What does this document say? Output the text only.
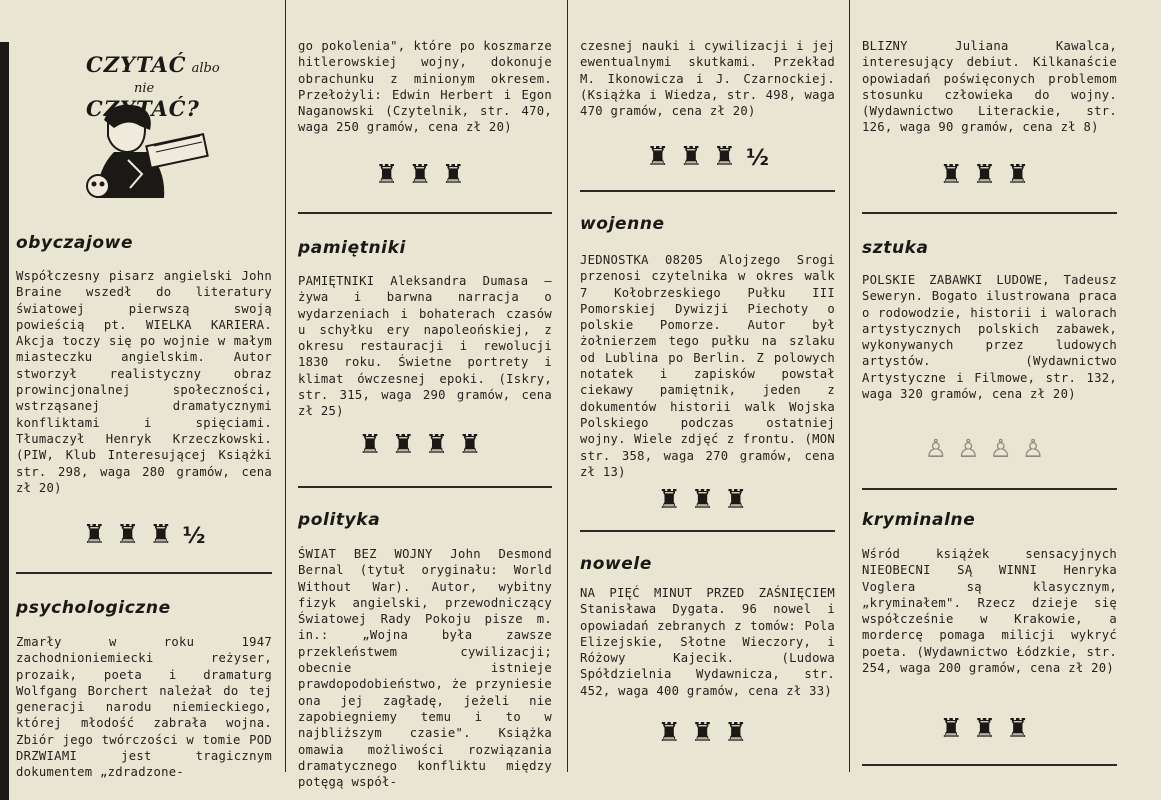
CZYTAĆ albo
nie CZYTAĆ?
obyczajowe
Współczesny pisarz angielski John Braine wszedł do literatury światowej pierwszą swoją powieścią pt. WIELKA KARIERA. Akcja toczy się po wojnie w małym miasteczku angielskim. Autor stworzył realistyczny obraz prowincjonalnej społeczności, wstrząsanej dramatycznymi konfliktami i spięciami. Tłumaczył Henryk Krzeczkowski. (PIW, Klub Interesującej Książki str. 298, waga 280 gramów, cena zł 20)
♜♜♜½
psychologiczne
Zmarły w roku 1947 zachodnioniemiecki reżyser, prozaik, poeta i dramaturg Wolfgang Borchert należał do tej generacji narodu niemieckiego, której młodość zabrała wojna. Zbiór jego twórczości w tomie POD DRZWIAMI jest tragicznym dokumentem „zdradzone-
go pokolenia", które po koszmarze hitlerowskiej wojny, dokonuje obrachunku z minionym okresem. Przełożyli: Edwin Herbert i Egon Naganowski (Czytelnik, str. 470, waga 250 gramów, cena zł 20)
♜♜♜
pamiętniki
PAMIĘTNIKI Aleksandra Dumasa — żywa i barwna narracja o wydarzeniach i bohaterach czasów u schyłku ery napoleońskiej, z okresu restauracji i rewolucji 1830 roku. Świetne portrety i klimat ówczesnej epoki. (Iskry, str. 315, waga 290 gramów, cena zł 25)
♜♜♜♜
polityka
ŚWIAT BEZ WOJNY John Desmond Bernal (tytuł oryginału: World Without War). Autor, wybitny fizyk angielski, przewodniczący Światowej Rady Pokoju pisze m. in.: „Wojna była zawsze przekleństwem cywilizacji; obecnie istnieje prawdopodobieństwo, że przyniesie ona jej zagładę, jeżeli nie zapobiegniemy temu i to w najbliższym czasie". Książka omawia możliwości rozwiązania dramatycznego konfliktu między potęgą współ-
czesnej nauki i cywilizacji i jej ewentualnymi skutkami. Przekład M. Ikonowicza i J. Czarnockiej. (Książka i Wiedza, str. 498, waga 470 gramów, cena zł 20)
♜♜♜½
wojenne
JEDNOSTKA 08205 Alojzego Srogi przenosi czytelnika w okres walk 7 Kołobrzeskiego Pułku III Pomorskiej Dywizji Piechoty o polskie Pomorze. Autor był żołnierzem tego pułku na szlaku od Lublina po Berlin. Z polowych notatek i zapisków powstał ciekawy pamiętnik, jeden z dokumentów historii walk Wojska Polskiego podczas ostatniej wojny. Wiele zdjęć z frontu. (MON str. 358, waga 270 gramów, cena zł 13)
♜♜♜
nowele
NA PIĘĆ MINUT PRZED ZAŚNIĘCIEM Stanisława Dygata. 96 nowel i opowiadań zebranych z tomów: Pola Elizejskie, Słotne Wieczory, i Różowy Kajecik. (Ludowa Spółdzielnia Wydawnicza, str. 452, waga 400 gramów, cena zł 33)
♜♜♜
BLIZNY Juliana Kawalca, interesujący debiut. Kilkanaście opowiadań poświęconych problemom stosunku człowieka do wojny. (Wydawnictwo Literackie, str. 126, waga 90 gramów, cena zł 8)
♜♜♜
sztuka
POLSKIE ZABAWKI LUDOWE, Tadeusz Seweryn. Bogato ilustrowana praca o rodowodzie, historii i walorach artystycznych polskich zabawek, wykonywanych przez ludowych artystów. (Wydawnictwo Artystyczne i Filmowe, str. 132, waga 320 gramów, cena zł 20)
♙♙♙♙
kryminalne
Wśród książek sensacyjnych NIEOBECNI SĄ WINNI Henryka Voglera są klasycznym, „kryminałem". Rzecz dzieje się współcześnie w Krakowie, a mordercę pomaga milicji wykryć poeta. (Wydawnictwo Łódzkie, str. 254, waga 200 gramów, cena zł 20)
♜♜♜
